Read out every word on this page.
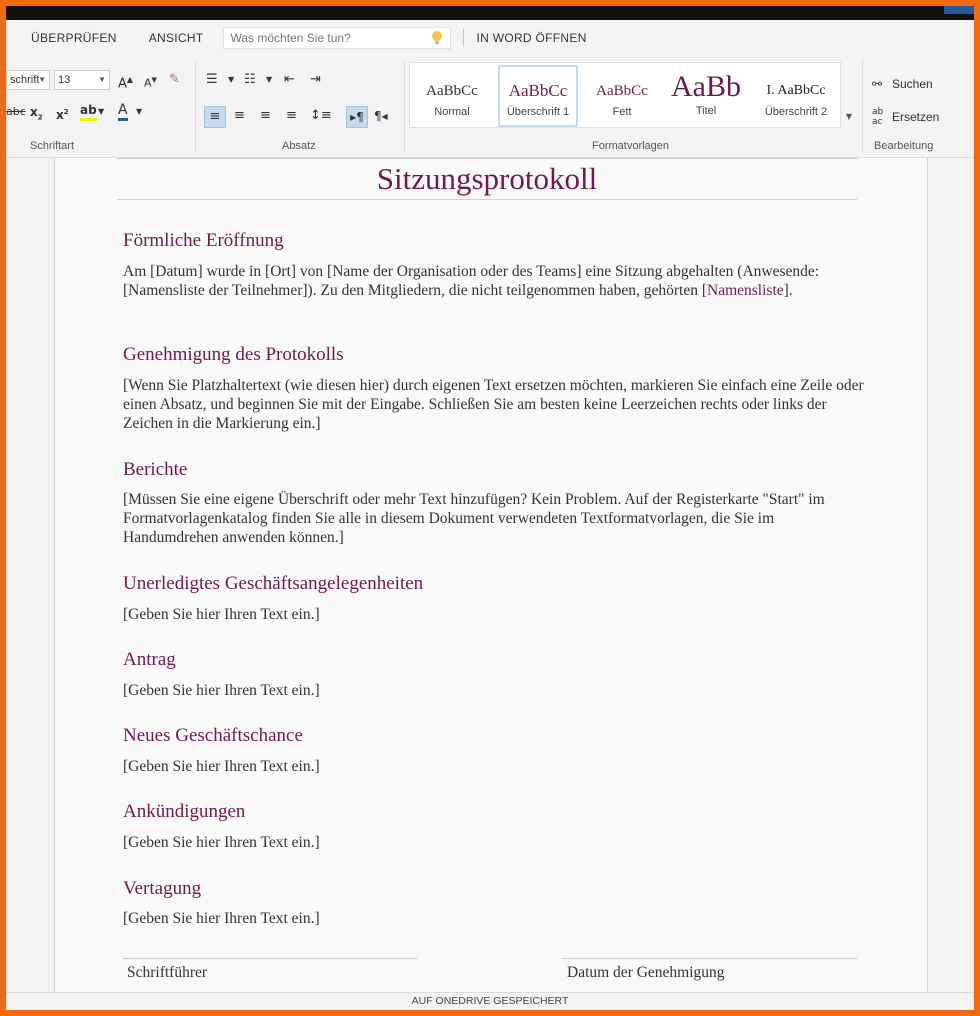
ÜBERPRÜFEN	ANSICHT	Was möchten Sie tun?	IN WORD ÖFFNEN
schrift
▼	13	▼ A▲ A▼ ✎
abc $x_2$ $x^2$ ab ▼ A ▼
Schriftart
☰ ▼ ☷ ▼ ⇤ ⇥
≡	≡ ≡ ≡ ↕≡	▸¶ ¶◂
Absatz
AaBbCc
Normal
AaBbCc
Überschrift 1
AaBbCc
Fett
AaBb
Titel
I. AaBbCc
Überschrift 2	▼
Formatvorlagen
⚯ Suchen
ab
ac Ersetzen
Bearbeitung
Sitzungsprotokoll
Förmliche Eröffnung
Am [Datum] wurde in [Ort] von [Name der Organisation oder des Teams] eine Sitzung abgehalten (Anwesende: [Namensliste der Teilnehmer]). Zu den Mitgliedern, die nicht teilgenommen haben, gehörten [Namensliste].
Genehmigung des Protokolls
[Wenn Sie Platzhaltertext (wie diesen hier) durch eigenen Text ersetzen möchten, markieren Sie einfach eine Zeile oder einen Absatz, und beginnen Sie mit der Eingabe. Schließen Sie am besten keine Leerzeichen rechts oder links der Zeichen in die Markierung ein.]
Berichte
[Müssen Sie eine eigene Überschrift oder mehr Text hinzufügen? Kein Problem. Auf der Registerkarte "Start" im Formatvorlagenkatalog finden Sie alle in diesem Dokument verwendeten Textformatvorlagen, die Sie im Handumdrehen anwenden können.]
Unerledigtes Geschäftsangelegenheiten
[Geben Sie hier Ihren Text ein.]
Antrag
[Geben Sie hier Ihren Text ein.]
Neues Geschäftschance
[Geben Sie hier Ihren Text ein.]
Ankündigungen
[Geben Sie hier Ihren Text ein.]
Vertagung
[Geben Sie hier Ihren Text ein.]
Schriftführer	Datum der Genehmigung
AUF ONEDRIVE GESPEICHERT
